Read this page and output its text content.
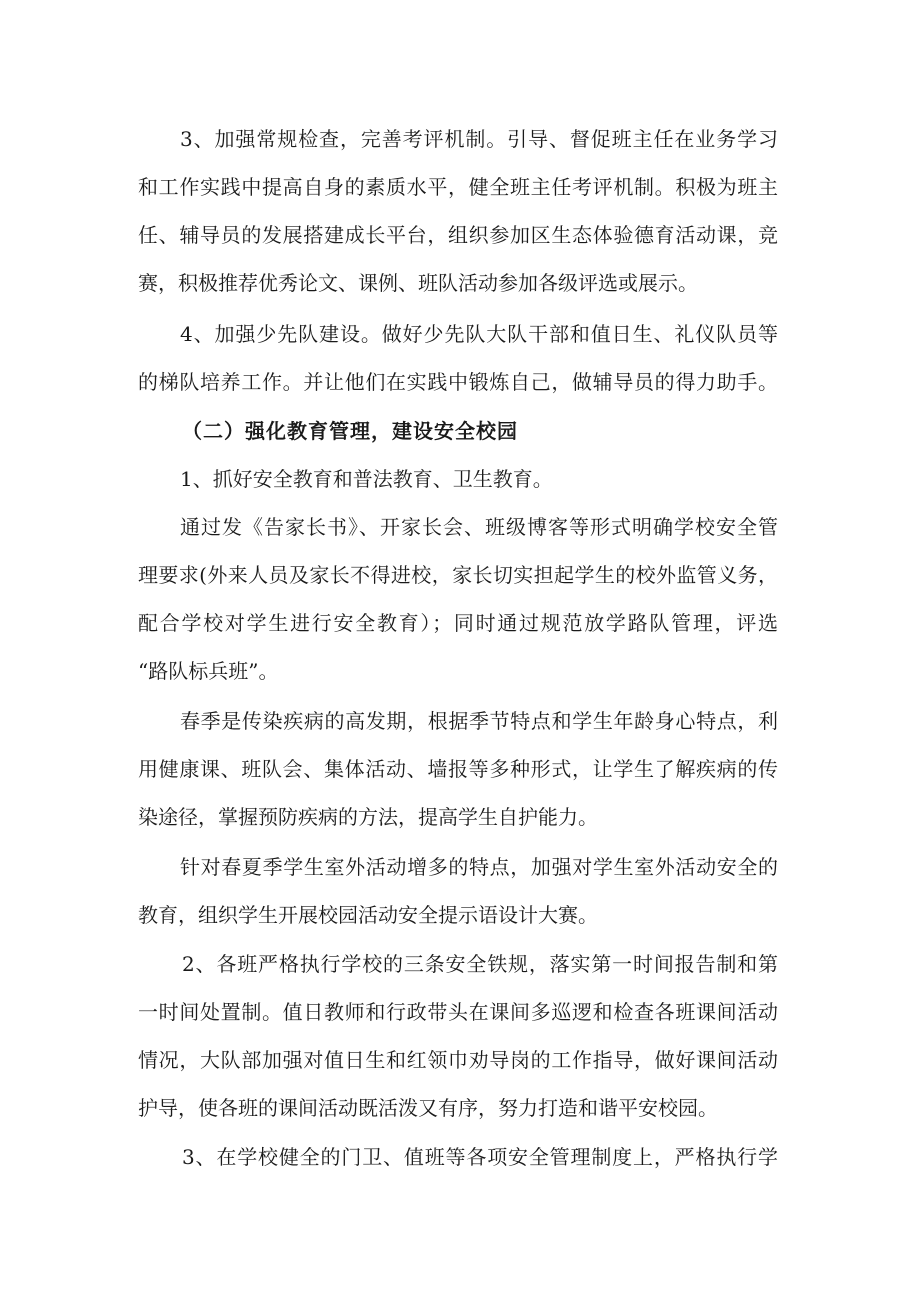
3、加强常规检查，完善考评机制。引导、督促班主任在业务学习
和工作实践中提高自身的素质水平，健全班主任考评机制。积极为班主
任、辅导员的发展搭建成长平台，组织参加区生态体验德育活动课，竞
赛，积极推荐优秀论文、课例、班队活动参加各级评选或展示。
4、加强少先队建设。做好少先队大队干部和值日生、礼仪队员等
的梯队培养工作。并让他们在实践中锻炼自己，做辅导员的得力助手。
（二）强化教育管理，建设安全校园
1、抓好安全教育和普法教育、卫生教育。
通过发《告家长书》、开家长会、班级博客等形式明确学校安全管
理要求(外来人员及家长不得进校，家长切实担起学生的校外监管义务，
配合学校对学生进行安全教育）；同时通过规范放学路队管理，评选
“路队标兵班”。
春季是传染疾病的高发期，根据季节特点和学生年龄身心特点，利
用健康课、班队会、集体活动、墙报等多种形式，让学生了解疾病的传
染途径，掌握预防疾病的方法，提高学生自护能力。
针对春夏季学生室外活动增多的特点，加强对学生室外活动安全的
教育，组织学生开展校园活动安全提示语设计大赛。
2、各班严格执行学校的三条安全铁规，落实第一时间报告制和第
一时间处置制。值日教师和行政带头在课间多巡逻和检查各班课间活动
情况，大队部加强对值日生和红领巾劝导岗的工作指导，做好课间活动
护导，使各班的课间活动既活泼又有序，努力打造和谐平安校园。
3、在学校健全的门卫、值班等各项安全管理制度上，严格执行学
